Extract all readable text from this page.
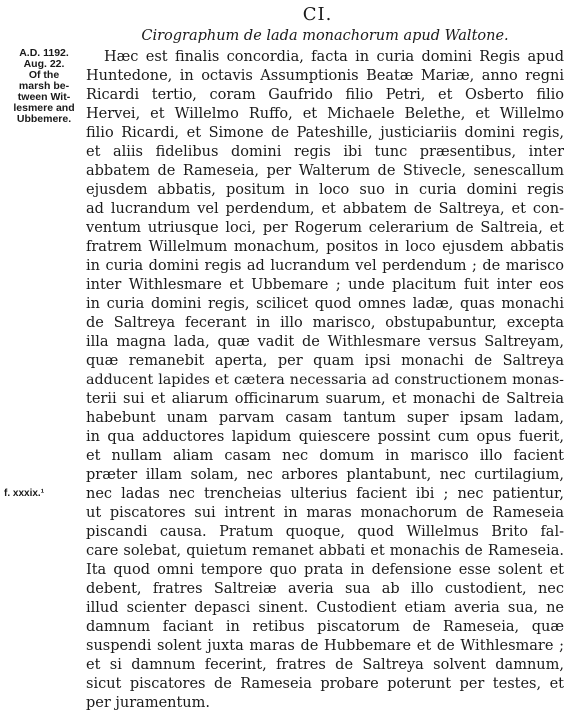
CI.
Cirographum de lada monachorum apud Waltone.
A.D. 1192.
Aug. 22.
Of the
marsh be-
tween Wit-
lesmere and
Ubbemere.
f. xxxix.¹
Hæc est finalis concordia, facta in curia domini Regis apud
Huntedone, in octavis Assumptionis Beatæ Mariæ, anno regni
Ricardi tertio, coram Gaufrido filio Petri, et Osberto filio
Hervei, et Willelmo Ruffo, et Michaele Belethe, et Willelmo
filio Ricardi, et Simone de Pateshille, justiciariis domini regis,
et aliis fidelibus domini regis ibi tunc præsentibus, inter
abbatem de Rameseia, per Walterum de Stivecle, senescallum
ejusdem abbatis, positum in loco suo in curia domini regis
ad lucrandum vel perdendum, et abbatem de Saltreya, et con-
ventum utriusque loci, per Rogerum celerarium de Saltreia, et
fratrem Willelmum monachum, positos in loco ejusdem abbatis
in curia domini regis ad lucrandum vel perdendum ; de marisco
inter Withlesmare et Ubbemare ; unde placitum fuit inter eos
in curia domini regis, scilicet quod omnes ladæ, quas monachi
de Saltreya fecerant in illo marisco, obstupabuntur, excepta
illa magna lada, quæ vadit de Withlesmare versus Saltreyam,
quæ remanebit aperta, per quam ipsi monachi de Saltreya
adducent lapides et cætera necessaria ad constructionem monas-
terii sui et aliarum officinarum suarum, et monachi de Saltreia
habebunt unam parvam casam tantum super ipsam ladam,
in qua adductores lapidum quiescere possint cum opus fuerit,
et nullam aliam casam nec domum in marisco illo facient
præter illam solam, nec arbores plantabunt, nec curtilagium,
nec ladas nec trencheias ulterius facient ibi ; nec patientur,
ut piscatores sui intrent in maras monachorum de Rameseia
piscandi causa. Pratum quoque, quod Willelmus Brito fal-
care solebat, quietum remanet abbati et monachis de Rameseia.
Ita quod omni tempore quo prata in defensione esse solent et
debent, fratres Saltreiæ averia sua ab illo custodient, nec
illud scienter depasci sinent. Custodient etiam averia sua, ne
damnum faciant in retibus piscatorum de Rameseia, quæ
suspendi solent juxta maras de Hubbemare et de Withlesmare ;
et si damnum fecerint, fratres de Saltreya solvent damnum,
sicut piscatores de Rameseia probare poterunt per testes, et
per juramentum.
